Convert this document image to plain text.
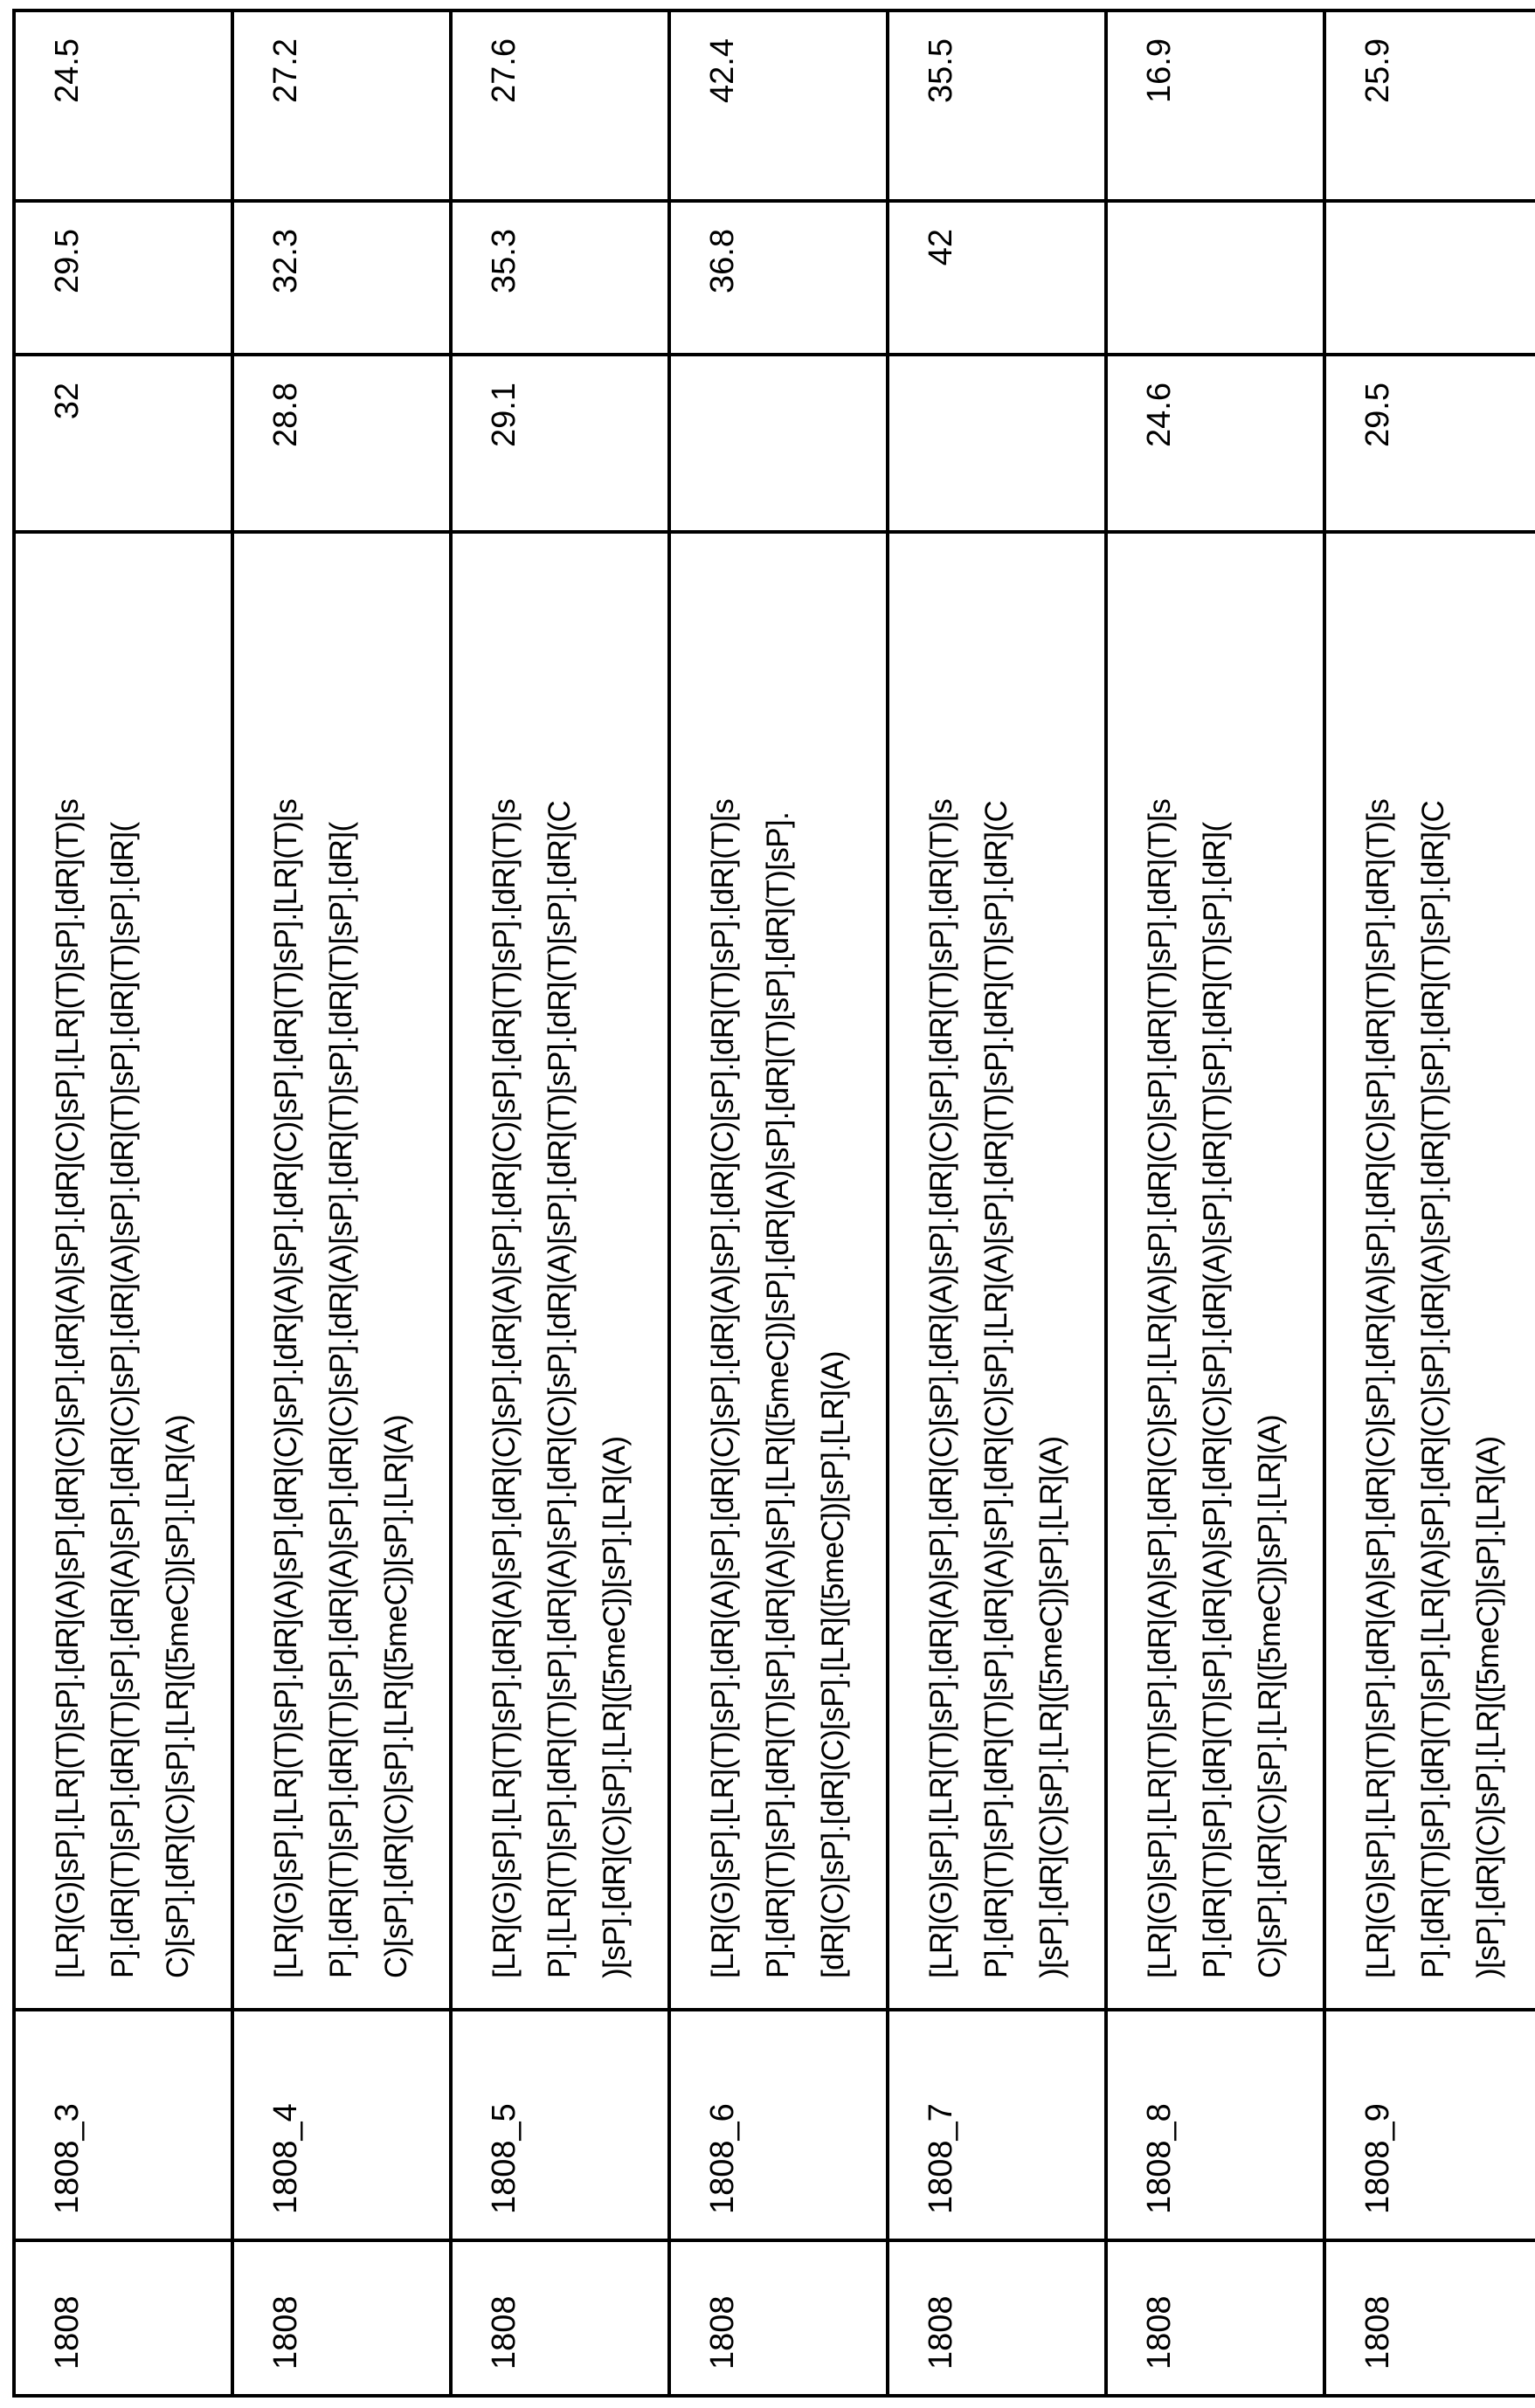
1808	1808_3	
[LR](G)[sP].[LR](T)[sP].[dR](A)[sP].[dR](C)[sP].[dR](A)[sP].[dR](C)[sP].[LR](T)[sP].[dR](T)[s P].[dR](T)[sP].[dR](T)[sP].[dR](A)[sP].[dR](C)[sP].[dR](A)[sP].[dR](T)[sP].[dR](T)[sP].[dR]( C)[sP].[dR](C)[sP].[LR]([5meC])[sP].[LR](A)
	32	29.5	24.5
1808	1808_4	
[LR](G)[sP].[LR](T)[sP].[dR](A)[sP].[dR](C)[sP].[dR](A)[sP].[dR](C)[sP].[dR](T)[sP].[LR](T)[s P].[dR](T)[sP].[dR](T)[sP].[dR](A)[sP].[dR](C)[sP].[dR](A)[sP].[dR](T)[sP].[dR](T)[sP].[dR]( C)[sP].[dR](C)[sP].[LR]([5meC])[sP].[LR](A)
	28.8	32.3	27.2
1808	1808_5	
[LR](G)[sP].[LR](T)[sP].[dR](A)[sP].[dR](C)[sP].[dR](A)[sP].[dR](C)[sP].[dR](T)[sP].[dR](T)[s P].[LR](T)[sP].[dR](T)[sP].[dR](A)[sP].[dR](C)[sP].[dR](A)[sP].[dR](T)[sP].[dR](T)[sP].[dR](C )[sP].[dR](C)[sP].[LR]([5meC])[sP].[LR](A)
	29.1	35.3	27.6
1808	1808_6	
[LR](G)[sP].[LR](T)[sP].[dR](A)[sP].[dR](C)[sP].[dR](A)[sP].[dR](C)[sP].[dR](T)[sP].[dR](T)[s P].[dR](T)[sP].[dR](T)[sP].[dR](A)[sP].[LR]([5meC])[sP].[dR](A)[sP].[dR](T)[sP].[dR](T)[sP]. [dR](C)[sP].[dR](C)[sP].[LR]([5meC])[sP].[LR](A)
		36.8	42.4
1808	1808_7	
[LR](G)[sP].[LR](T)[sP].[dR](A)[sP].[dR](C)[sP].[dR](A)[sP].[dR](C)[sP].[dR](T)[sP].[dR](T)[s P].[dR](T)[sP].[dR](T)[sP].[dR](A)[sP].[dR](C)[sP].[LR](A)[sP].[dR](T)[sP].[dR](T)[sP].[dR](C )[sP].[dR](C)[sP].[LR]([5meC])[sP].[LR](A)
		42	35.5
1808	1808_8	
[LR](G)[sP].[LR](T)[sP].[dR](A)[sP].[dR](C)[sP].[LR](A)[sP].[dR](C)[sP].[dR](T)[sP].[dR](T)[s P].[dR](T)[sP].[dR](T)[sP].[dR](A)[sP].[dR](C)[sP].[dR](A)[sP].[dR](T)[sP].[dR](T)[sP].[dR]( C)[sP].[dR](C)[sP].[LR]([5meC])[sP].[LR](A)
	24.6		16.9
1808	1808_9	
[LR](G)[sP].[LR](T)[sP].[dR](A)[sP].[dR](C)[sP].[dR](A)[sP].[dR](C)[sP].[dR](T)[sP].[dR](T)[s P].[dR](T)[sP].[dR](T)[sP].[LR](A)[sP].[dR](C)[sP].[dR](A)[sP].[dR](T)[sP].[dR](T)[sP].[dR](C )[sP].[dR](C)[sP].[LR]([5meC])[sP].[LR](A)
	29.5		25.9
